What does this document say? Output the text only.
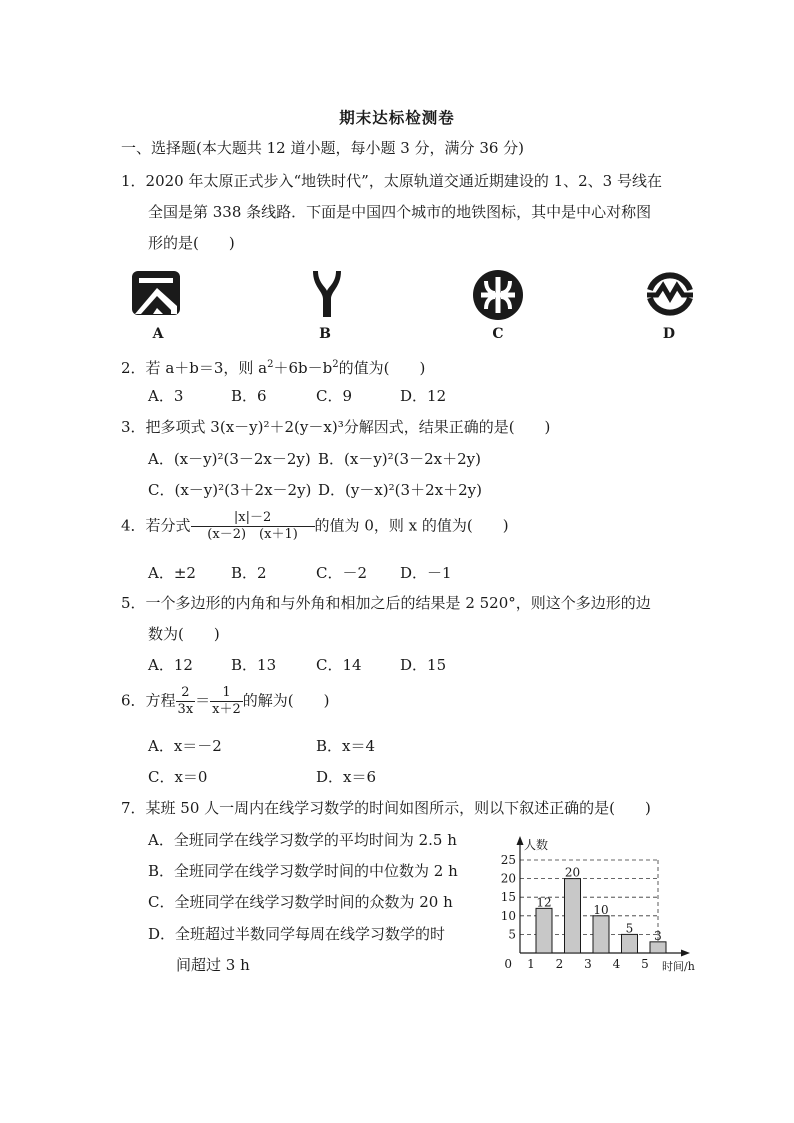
期末达标检测卷
一、选择题(本大题共 12 道小题，每小题 3 分，满分 36 分)
1．2020 年太原正式步入“地铁时代”，太原轨道交通近期建设的 1、2、3 号线在
全国是第 338 条线路．下面是中国四个城市的地铁图标，其中是中心对称图
形的是(　　)
A	B	C	D
2．若 a＋b＝3，则 $a^2+6b-b^2$的值为(　　)
A．3	B．6	C．9	D．12
3．把多项式 3(x－y)²＋2(y－x)³分解因式，结果正确的是(　　)
A．(x－y)²(3－2x－2y) B．(x－y)²(3－2x＋2y)
C．(x－y)²(3＋2x－2y) D．(y－x)²(3＋2x＋2y)
4．若分式 $\frac{|x|-2}{(x-2) (x+1)}$ 的值为 0，则 x 的值为(　　)
A．±2 B．2	C．－2 D．－1
5．一个多边形的内角和与外角和相加之后的结果是 2 520°，则这个多边形的边
数为(　　)
A．12	B．13	C．14	D．15
6．方程 $\frac{2}{3x} = \frac{1}{x+2}$ 的解为(　　)
A．x＝－2	B．x＝4
C．x＝0	D．x＝6
7．某班 50 人一周内在线学习数学的时间如图所示，则以下叙述正确的是(　　)
A．全班同学在线学习数学的平均时间为 2.5 h
B．全班同学在线学习数学时间的中位数为 2 h
C．全班同学在线学习数学时间的众数为 20 h
D．全班超过半数同学每周在线学习数学的时
间超过 3 h
5
10
15
20
25
人数
时间/h
0
12
1
20
2
10
3
5
4
3
5
